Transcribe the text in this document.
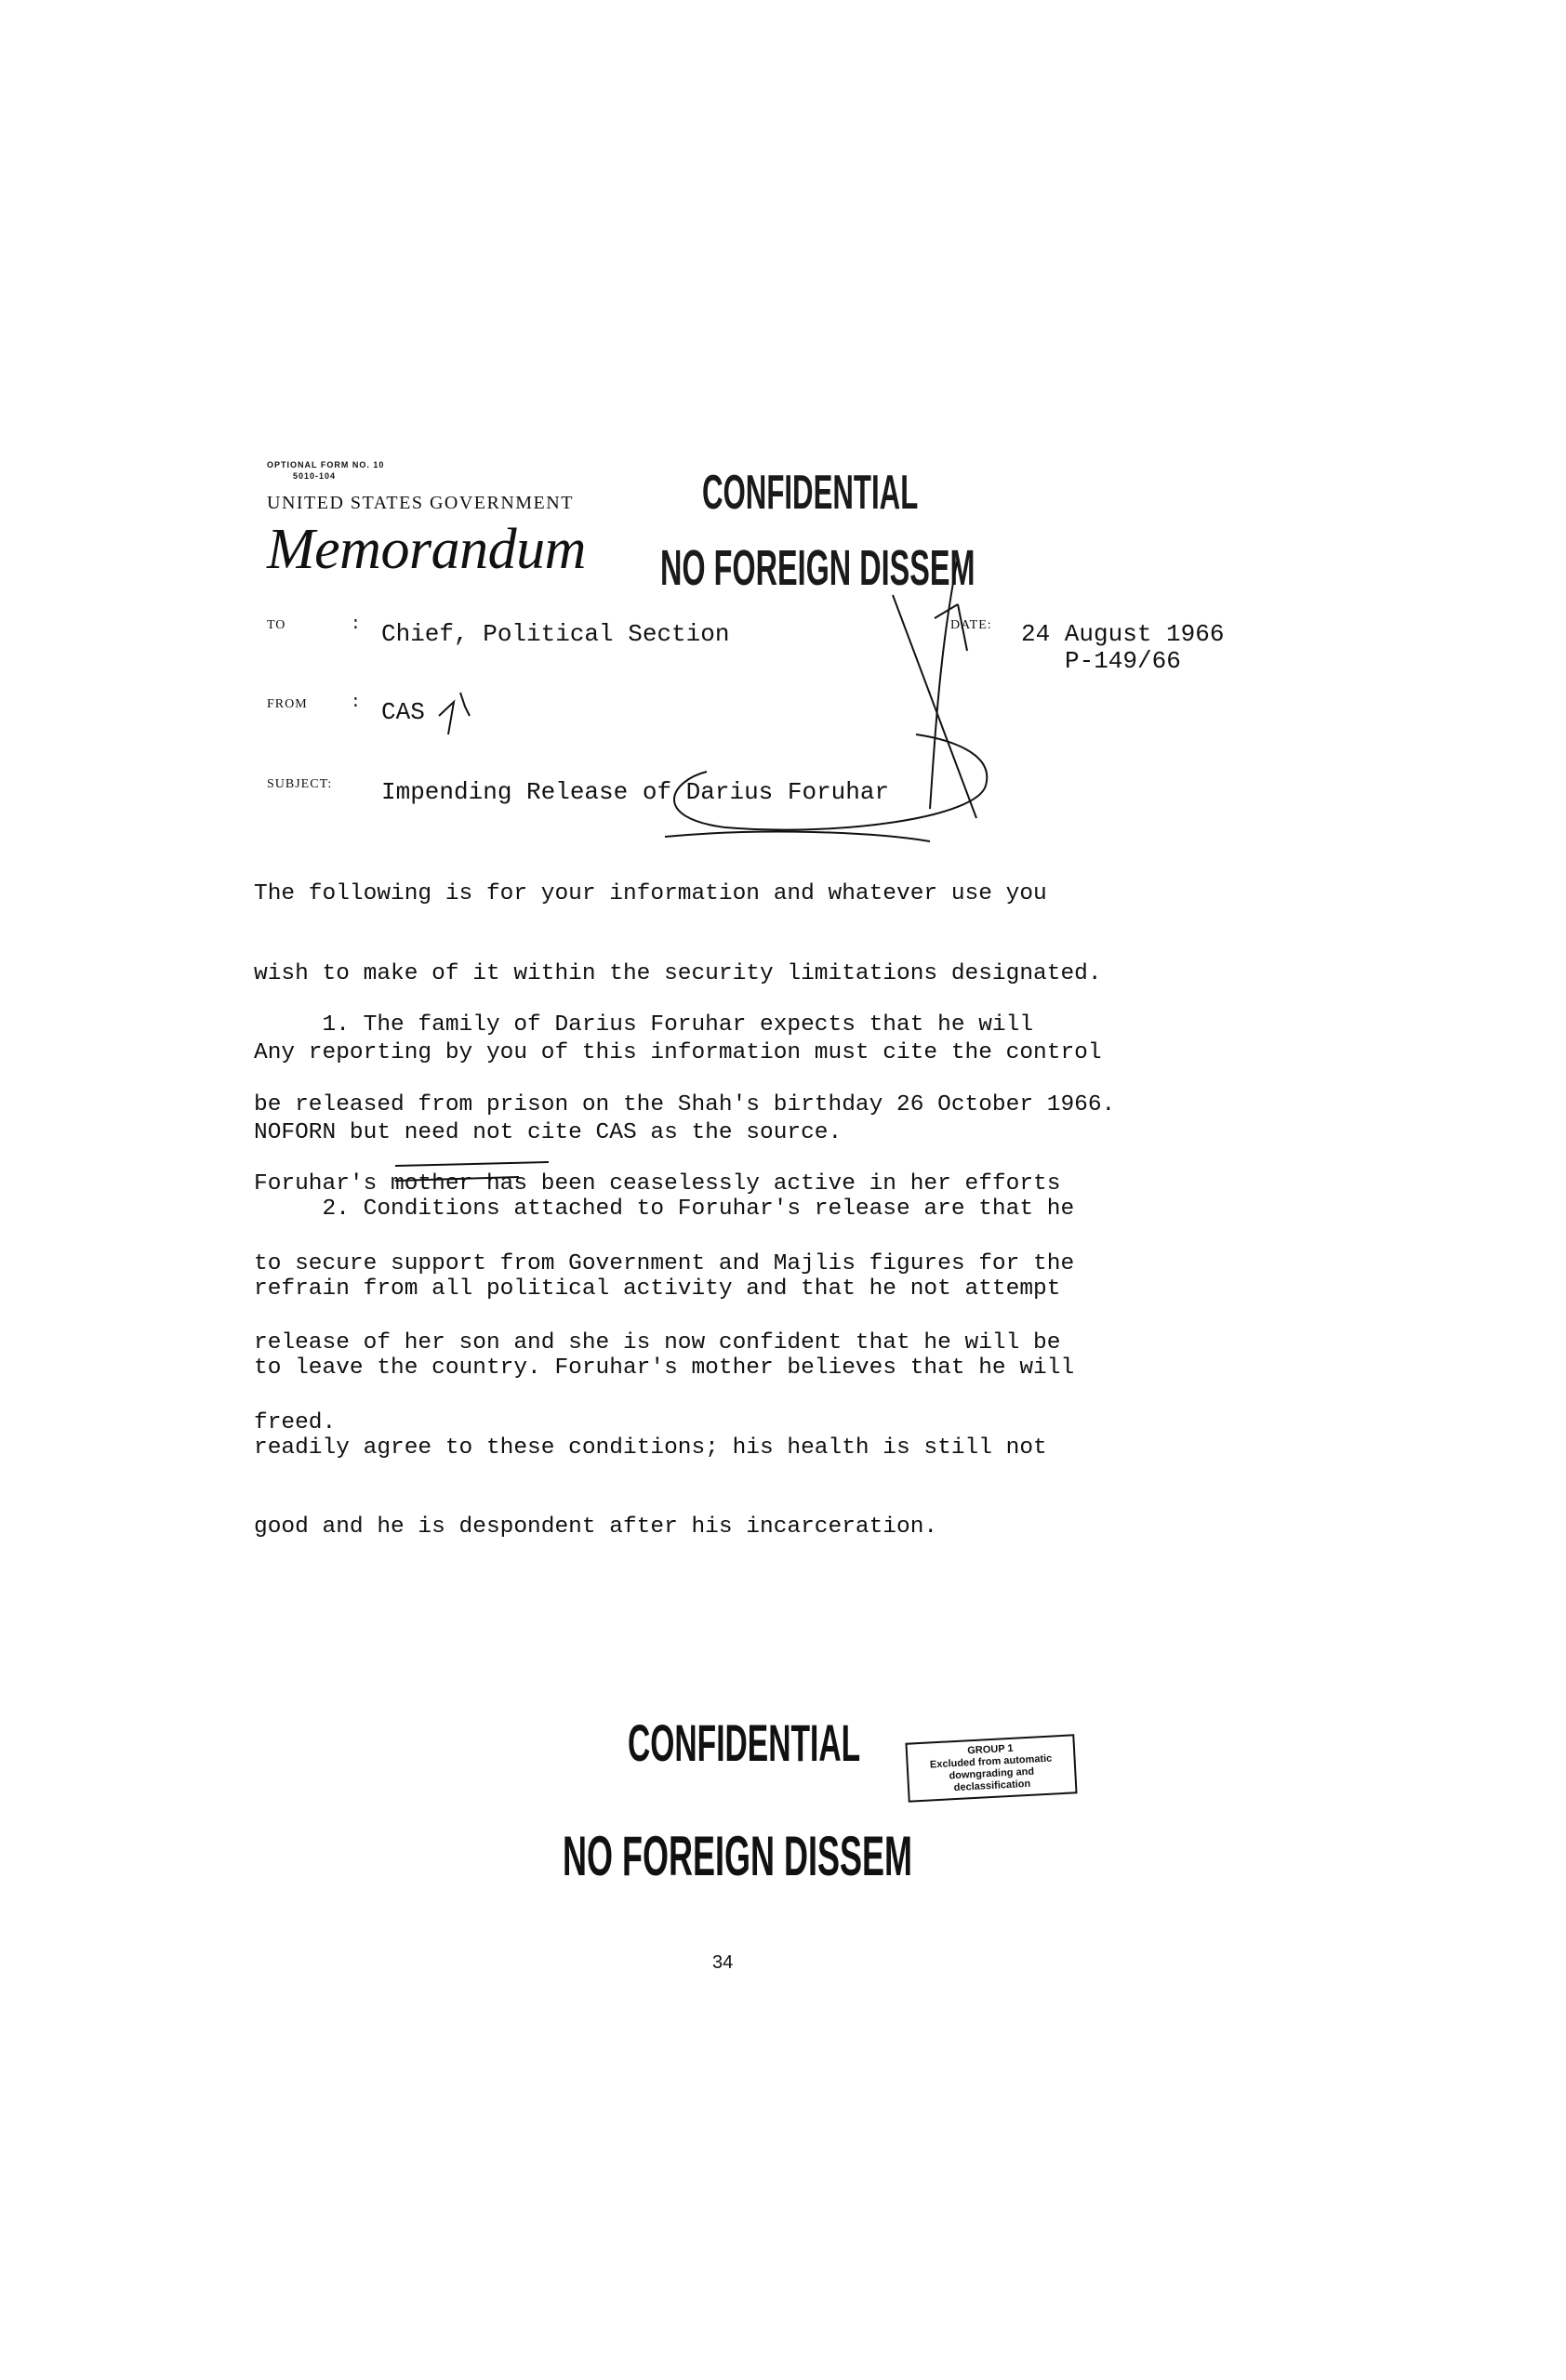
OPTIONAL FORM NO. 10
5010-104
UNITED STATES GOVERNMENT
Memorandum
CONFIDENTIAL
NO FOREIGN DISSEM
TO	: Chief, Political Section
FROM	: CAS
SUBJECT: Impending Release of Darius Foruhar
DATE: 24 August 1966
P-149/66

The following is for your information and whatever use you

wish to make of it within the security limitations designated.

Any reporting by you of this information must cite the control

NOFORN but need not cite CAS as the source.

1. The family of Darius Foruhar expects that he will

be released from prison on the Shah's birthday 26 October 1966.

Foruhar's mother has been ceaselessly active in her efforts

to secure support from Government and Majlis figures for the

release of her son and she is now confident that he will be

freed.

2. Conditions attached to Foruhar's release are that he

refrain from all political activity and that he not attempt

to leave the country. Foruhar's mother believes that he will

readily agree to these conditions; his health is still not

good and he is despondent after his incarceration.

CONFIDENTIAL
NO FOREIGN DISSEM
GROUP 1
Excluded from automatic
downgrading and
declassification
34
